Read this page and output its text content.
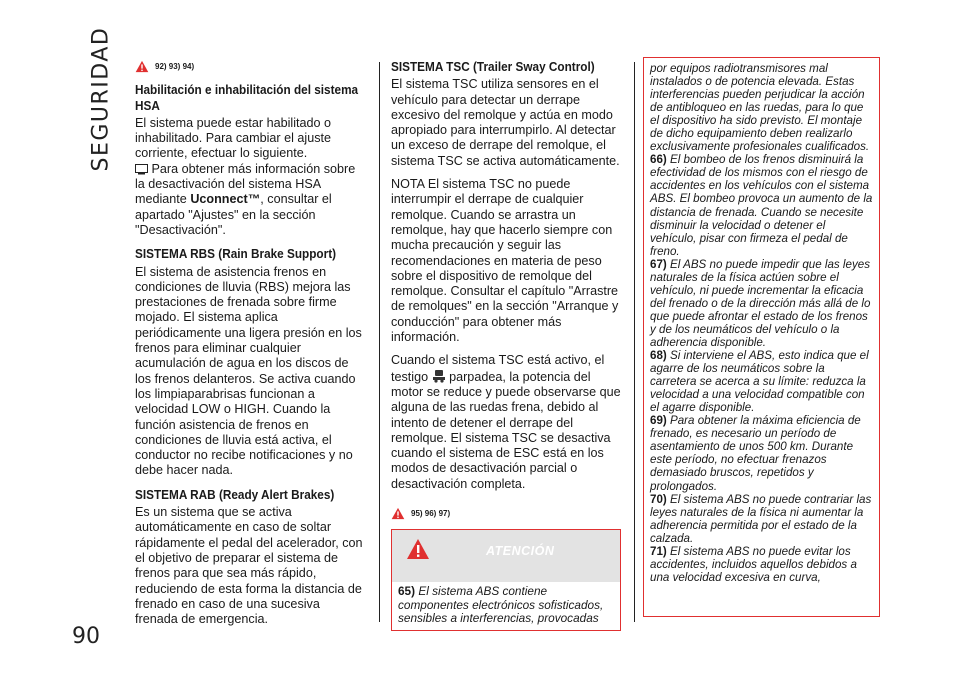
SEGURIDAD
90
92) 93) 94)
Habilitación e inhabilitación del sistema HSA

El sistema puede estar habilitado o inhabilitado. Para cambiar el ajuste corriente, efectuar lo siguiente.

Para obtener más información sobre la desactivación del sistema HSA mediante Uconnect™, consultar el apartado "Ajustes" en la sección "Desactivación".

SISTEMA RBS (Rain Brake Support)

El sistema de asistencia frenos en condiciones de lluvia (RBS) mejora las prestaciones de frenada sobre firme mojado. El sistema aplica periódicamente una ligera presión en los frenos para eliminar cualquier acumulación de agua en los discos de los frenos delanteros. Se activa cuando los limpiaparabrisas funcionan a velocidad LOW o HIGH. Cuando la función asistencia de frenos en condiciones de lluvia está activa, el conductor no recibe notificaciones y no debe hacer nada.

SISTEMA RAB (Ready Alert Brakes)

Es un sistema que se activa automáticamente en caso de soltar rápidamente el pedal del acelerador, con el objetivo de preparar el sistema de frenos para que sea más rápido, reduciendo de esta forma la distancia de frenado en caso de una sucesiva frenada de emergencia.

SISTEMA TSC (Trailer Sway Control)

El sistema TSC utiliza sensores en el vehículo para detectar un derrape excesivo del remolque y actúa en modo apropiado para interrumpirlo. Al detectar un exceso de derrape del remolque, el sistema TSC se activa automáticamente.

NOTA El sistema TSC no puede interrumpir el derrape de cualquier remolque. Cuando se arrastra un remolque, hay que hacerlo siempre con mucha precaución y seguir las recomendaciones en materia de peso sobre el dispositivo de remolque del remolque. Consultar el capítulo "Arrastre de remolques" en la sección "Arranque y conducción" para obtener más información.

Cuando el sistema TSC está activo, el testigo  parpadea, la potencia del motor se reduce y puede observarse que alguna de las ruedas frena, debido al intento de detener el derrape del remolque. El sistema TSC se desactiva cuando el sistema de ESC está en los modos de desactivación parcial o desactivación completa.

95) 96) 97)
ATENCIÓN
65) El sistema ABS contiene componentes electrónicos sofisticados, sensibles a interferencias, provocadas

por equipos radiotransmisores mal instalados o de potencia elevada. Estas interferencias pueden perjudicar la acción de antibloqueo en las ruedas, para lo que el dispositivo ha sido previsto. El montaje de dicho equipamiento deben realizarlo exclusivamente profesionales cualificados.

66) El bombeo de los frenos disminuirá la efectividad de los mismos con el riesgo de accidentes en los vehículos con el sistema ABS. El bombeo provoca un aumento de la distancia de frenada. Cuando se necesite disminuir la velocidad o detener el vehículo, pisar con firmeza el pedal de freno.

67) El ABS no puede impedir que las leyes naturales de la física actúen sobre el vehículo, ni puede incrementar la eficacia del frenado o de la dirección más allá de lo que puede afrontar el estado de los frenos y de los neumáticos del vehículo o la adherencia disponible.

68) Si interviene el ABS, esto indica que el agarre de los neumáticos sobre la carretera se acerca a su límite: reduzca la velocidad a una velocidad compatible con el agarre disponible.

69) Para obtener la máxima eficiencia de frenado, es necesario un período de asentamiento de unos 500 km. Durante este período, no efectuar frenazos demasiado bruscos, repetidos y prolongados.

70) El sistema ABS no puede contrariar las leyes naturales de la física ni aumentar la adherencia permitida por el estado de la calzada.

71) El sistema ABS no puede evitar los accidentes, incluidos aquellos debidos a una velocidad excesiva en curva,
